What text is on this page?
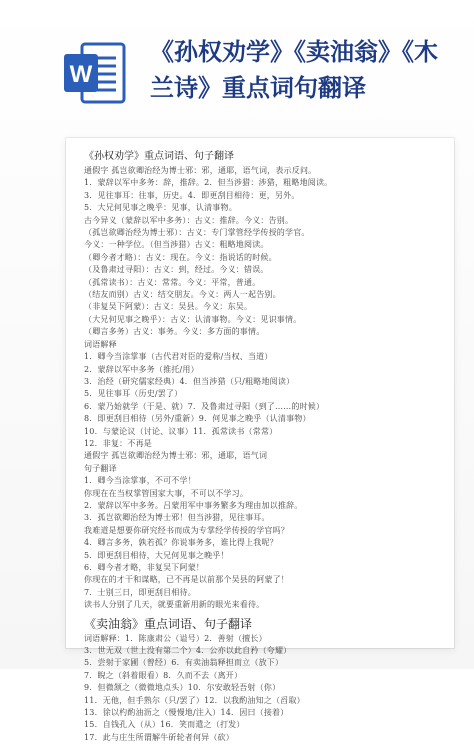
W
《孙权劝学》《卖油翁》《木兰诗》重点词句翻译
《孙权劝学》重点词语、句子翻译
通假字 孤岂欲卿治经为博士邪：邪，通耶，语气词，表示反问。
1．蒙辞以军中多务：辞，推辞。2．但当涉猎：涉猎，粗略地阅读。
3．见往事耳：往事，历史。4．即更刮目相待：更，另外。
5．大兄何见事之晚乎：见事，认清事物。
古今异义（蒙辞以军中多务）：古义：推辞。今义：告别。
（孤岂欲卿治经为博士邪）：古义：专门掌管经学传授的学官。
今义：一种学位。（但当涉猎）古义：粗略地阅读。
（卿今者才略）：古义：现在。今义：指说话的时候。
（及鲁肃过寻阳）：古义：到，经过。今义：错误。
（孤常读书）：古义：常常。今义：平常，普通。
（结友而别）古义：结交朋友。今义：两人一起告别。
（非复吴下阿蒙）：古义：吴县。今义：东吴。
（大兄何见事之晚乎）：古义：认清事物。今义：见识事情。
（卿言多务）古义：事务。今义：多方面的事情。
词语解释
1．卿今当涂掌事（古代君对臣的爱称/当权、当道）
2．蒙辞以军中多务（推托/用）
3．治经（研究儒家经典）4．但当涉猎（只/粗略地阅读）
5．见往事耳（历史/罢了）
6．蒙乃始就学（于是、就）7．及鲁肃过寻阳（到了……的时候）
8．即更刮目相待（另外/重新）9．何见事之晚乎（认清事物）
10．与蒙论议（讨论、议事）11．孤常读书（常常）
12．非复：不再是
通假字 孤岂欲卿治经为博士邪：邪，通耶，语气词
句子翻译
1．卿今当涂掌事，不可不学！
你现在在当权掌管国家大事，不可以不学习。
2．蒙辞以军中多务。吕蒙用军中事务繁多为理由加以推辞。
3．孤岂欲卿治经为博士邪！但当涉猎，见往事耳。
我难道是想要你研究经书而成为专掌经学传授的学官吗？
4．卿言多务，孰若孤？你说事务多，谁比得上我呢？
5．即更刮目相待，大兄何见事之晚乎！
6．卿今者才略，非复吴下阿蒙！
你现在的才干和谋略，已不再是以前那个吴县的阿蒙了！
7．士别三日，即更刮目相待。
读书人分别了几天，就要重新用新的眼光来看待。
《卖油翁》重点词语、句子翻译
词语解释：1．陈康肃公（谥号）2．善射（擅长）
3．世无双（世上没有第二个）4．公亦以此自矜（夸耀）
5．尝射于家圃（曾经）6．有卖油翁释担而立（放下）
7．睨之（斜着眼看）8．久而不去（离开）
9．但微颔之（微微地点头）10．尔安敢轻吾射（你）
11．无他，但手熟尔（只/罢了）12．以我酌油知之（舀取）
13．徐以杓酌油沥之（慢慢地/注入）14．因曰（接着）
15．自钱孔入（从）16．笑而遣之（打发）
17．此与庄生所谓解牛斫轮者何异（砍）
